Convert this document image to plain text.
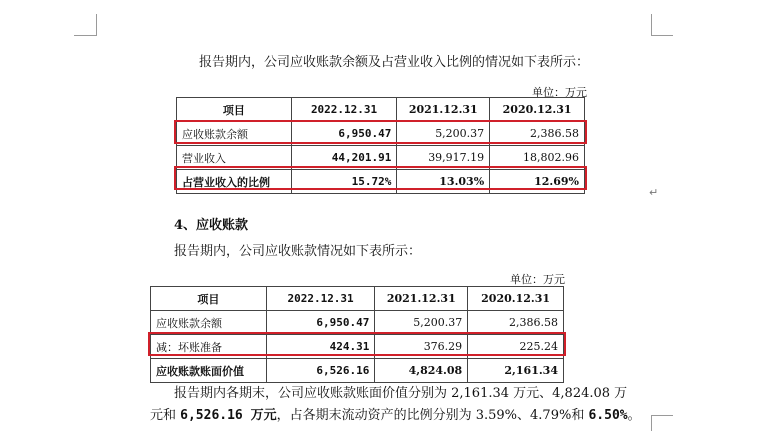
报告期内，公司应收账款余额及占营业收入比例的情况如下表所示：
单位：万元
项目	2022.12.31	2021.12.31	2020.12.31
应收账款余额	6,950.47	5,200.37	2,386.58
营业收入	44,201.91	39,917.19	18,802.96
占营业收入的比例	15.72%	13.03%	12.69%
↵
4、应收账款
报告期内，公司应收账款情况如下表所示：
单位：万元
项目	2022.12.31	2021.12.31	2020.12.31
应收账款余额	6,950.47	5,200.37	2,386.58
减：坏账准备	424.31	376.29	225.24
应收账款账面价值	6,526.16	4,824.08	2,161.34
报告期内各期末，公司应收账款账面价值分别为 2,161.34 万元、4,824.08 万
元和 6,526.16 万元，占各期末流动资产的比例分别为 3.59%、4.79%和 6.50%。
